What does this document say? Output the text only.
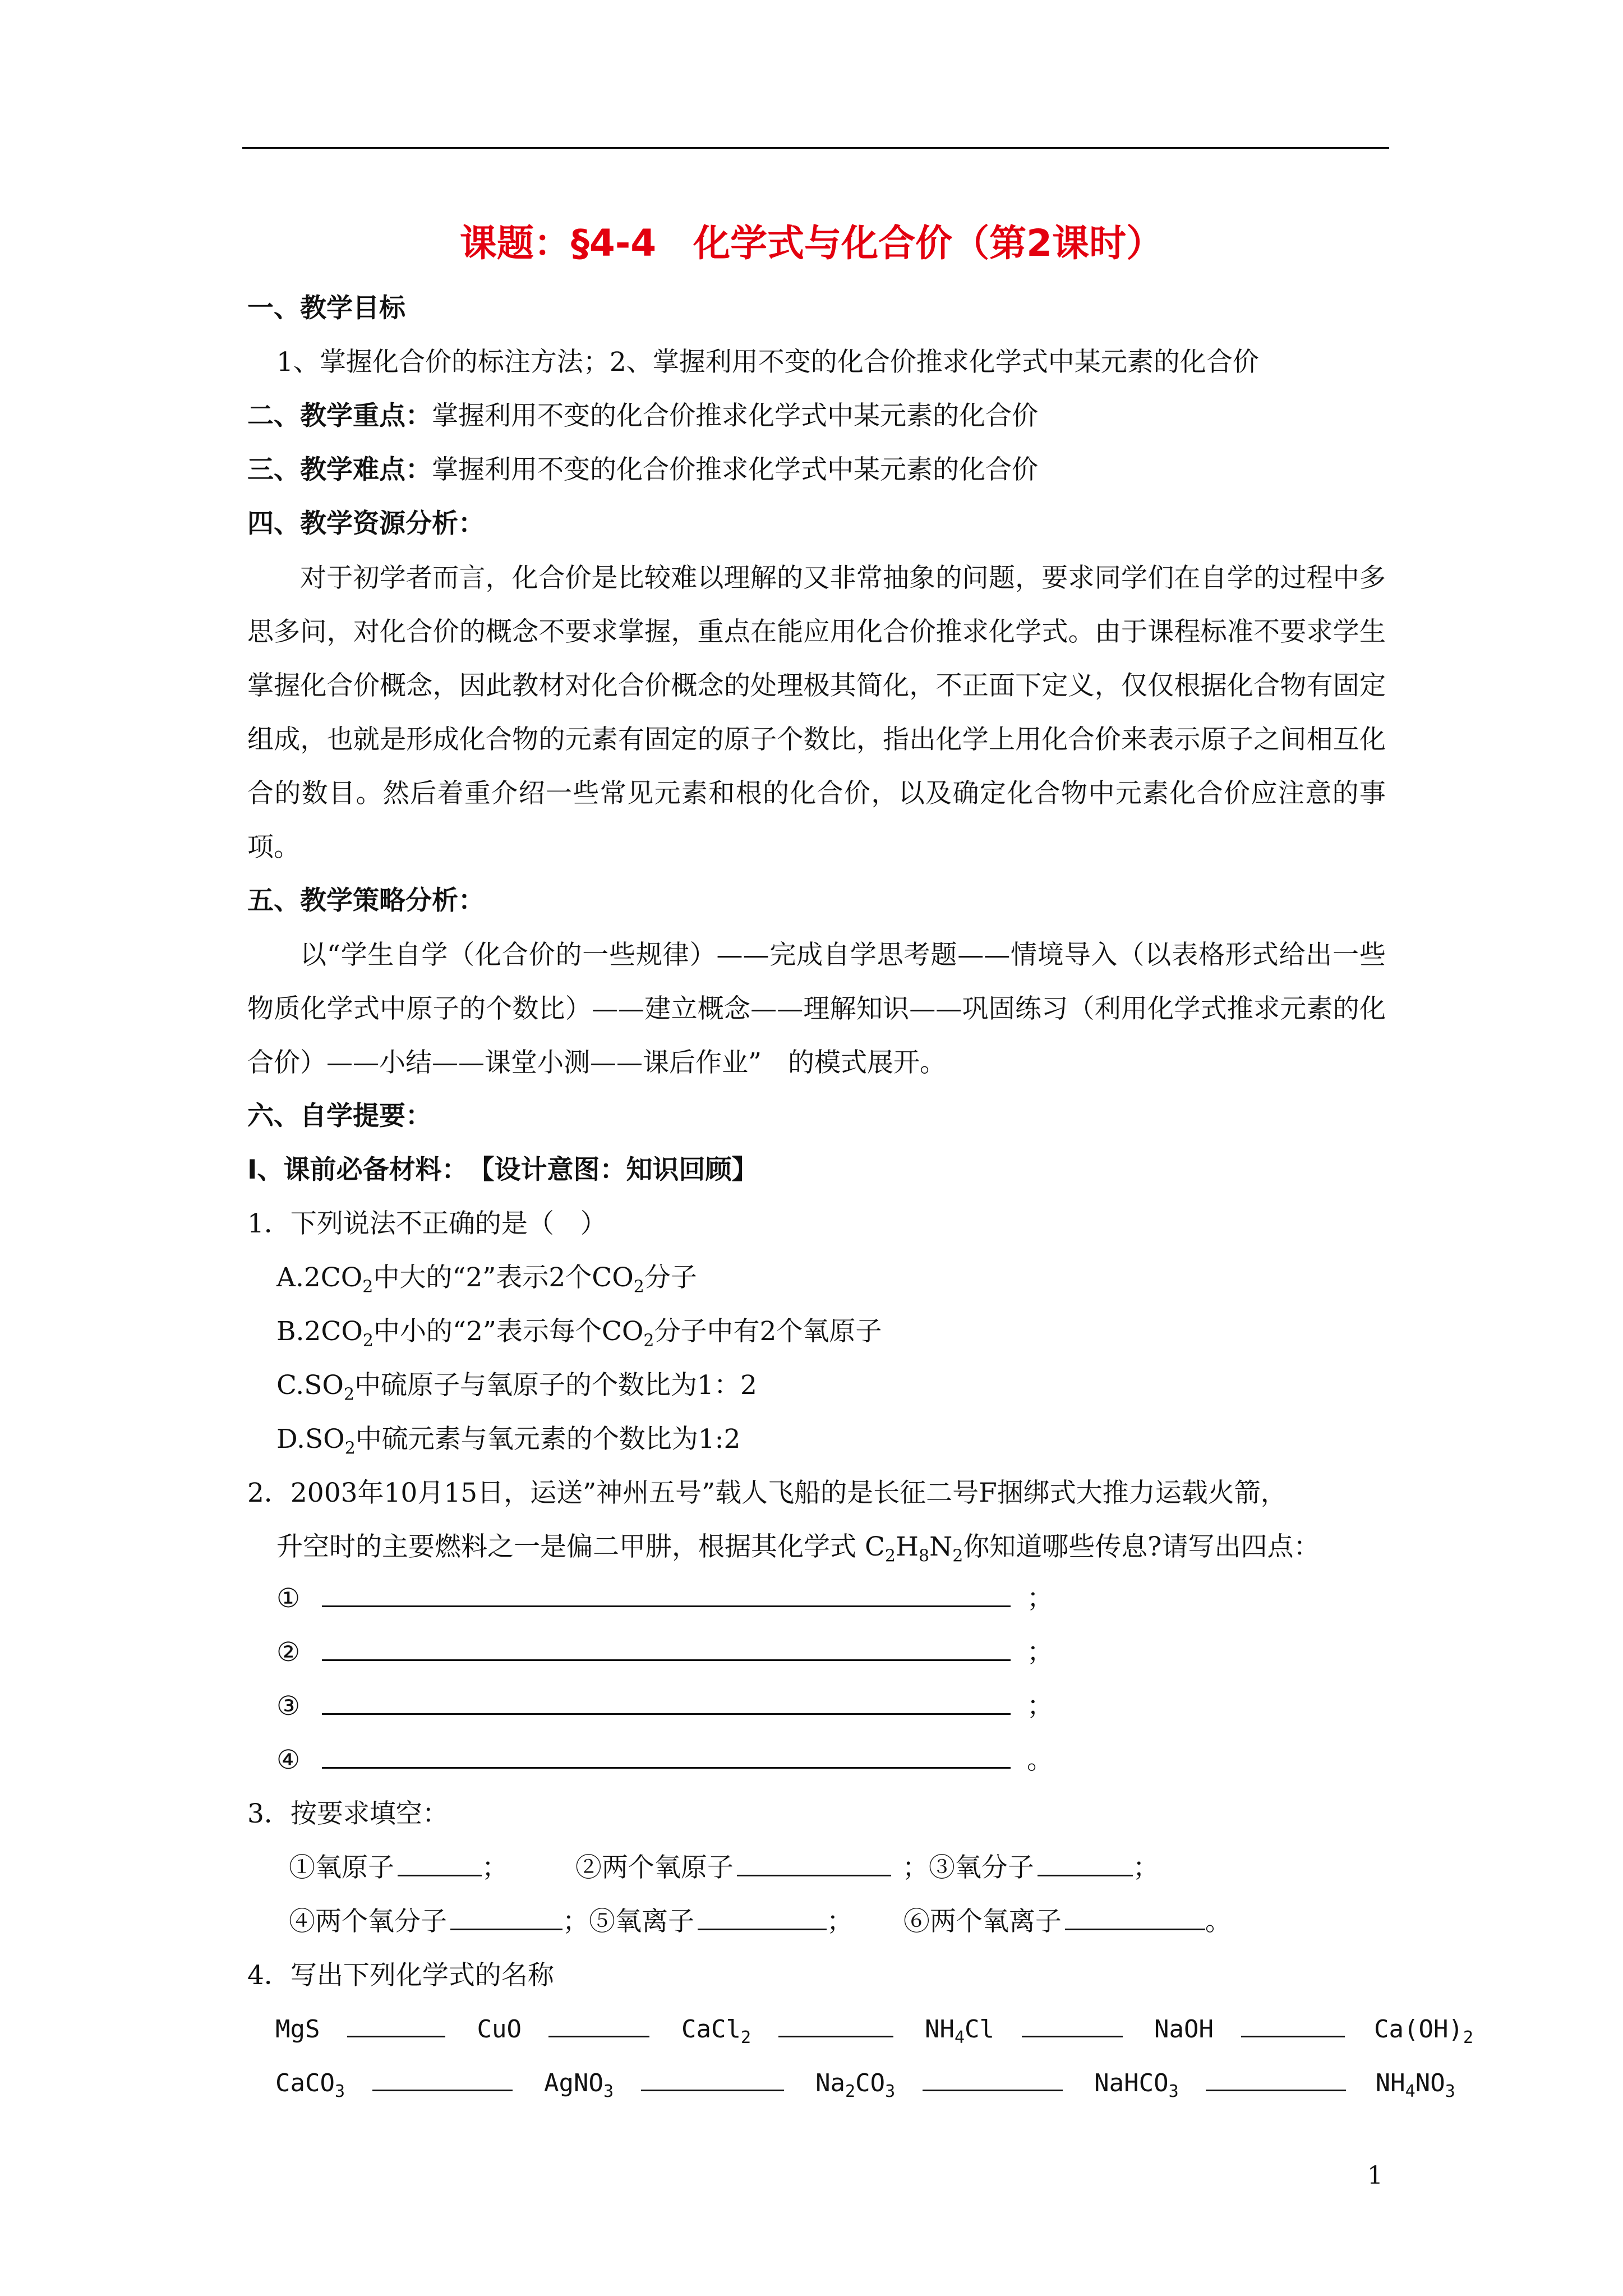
课题：§4-4　化学式与化合价（第2课时）
一、教学目标
1、掌握化合价的标注方法；2、掌握利用不变的化合价推求化学式中某元素的化合价
二、教学重点：掌握利用不变的化合价推求化学式中某元素的化合价
三、教学难点：掌握利用不变的化合价推求化学式中某元素的化合价
四、教学资源分析：

对于初学者而言，化合价是比较难以理解的又非常抽象的问题，要求同学们在自学的过程中多思多问，对化合价的概念不要求掌握，重点在能应用化合价推求化学式。由于课程标准不要求学生掌握化合价概念，因此教材对化合价概念的处理极其简化，不正面下定义，仅仅根据化合物有固定组成，也就是形成化合物的元素有固定的原子个数比，指出化学上用化合价来表示原子之间相互化合的数目。然后着重介绍一些常见元素和根的化合价，以及确定化合物中元素化合价应注意的事项。

五、教学策略分析：

以“学生自学（化合价的一些规律）——完成自学思考题——情境导入（以表格形式给出一些物质化学式中原子的个数比）——建立概念——理解知识——巩固练习（利用化学式推求元素的化合价）——小结——课堂小测——课后作业”　的模式展开。

六、自学提要：
Ⅰ、课前必备材料：　【设计意图：知识回顾】
1．下列说法不正确的是（　）
$A.2CO_2$中大的“2”表示2个$CO_2$分子
$B.2CO_2$中小的“2”表示每个$CO_2$分子中有2个氧原子
$C.SO_2$中硫原子与氧原子的个数比为1：2
$D.SO_2$中硫元素与氧元素的个数比为1:2
2．2003年10月15日，运送”神州五号”载人飞船的是长征二号F捆绑式大推力运载火箭，
升空时的主要燃料之一是偏二甲肼，根据其化学式 $C_2H_8N_2$你知道哪些传息?请写出四点：
①	；
②	；
③	；
④	。
3．按要求填空：
①氧原子	；	②两个氧原子	；③氧分子	；
④两个氧分子	；⑤氧离子	； ⑥两个氧离子	。
4．写出下列化学式的名称
MgS	CuO	CaCl$_2$	$NH_4Cl$	NaOH	$Ca(OH)_2$
CaCO$_3$	AgNO$_3$	$Na_2CO_3$	NaHCO$_3$	$NH_4NO_3$
1
